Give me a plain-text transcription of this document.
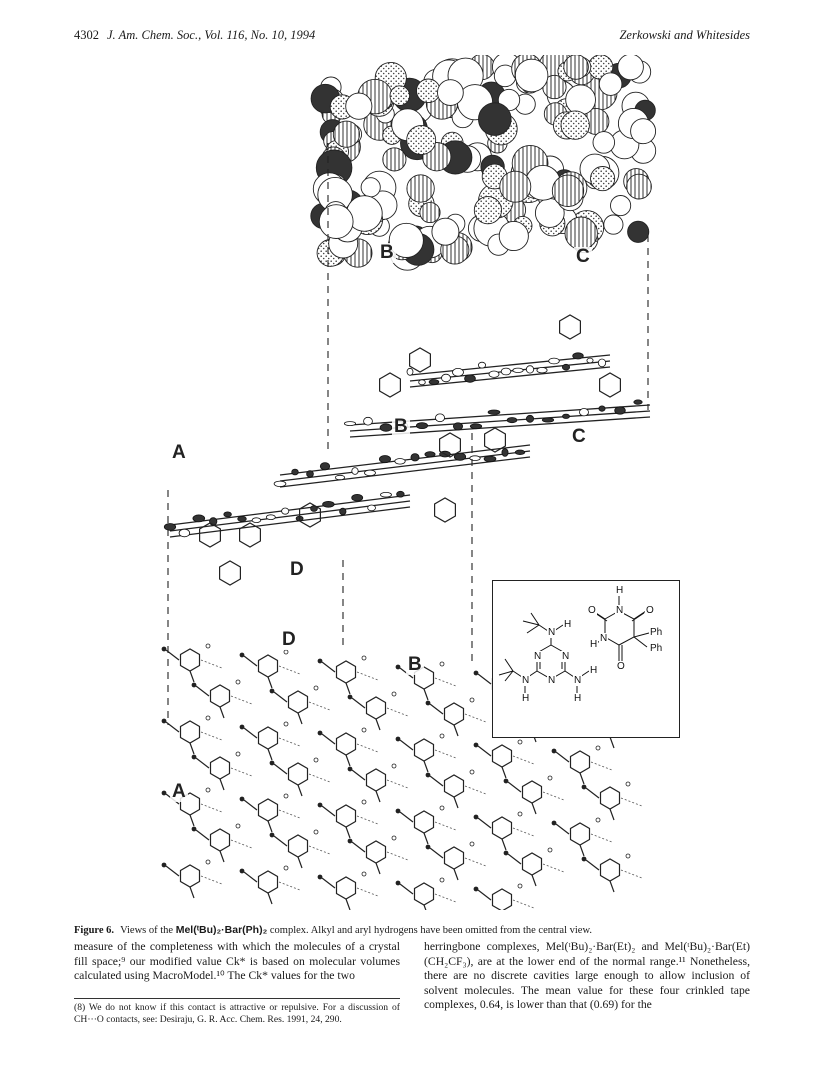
4302 J. Am. Chem. Soc., Vol. 116, No. 10, 1994	Zerkowski and Whitesides
B	C
B	C
A
D
D
B
A
H
N
O	O
N
H
O
Ph
Ph
N
H
N N
N
N
H
N
H
H
Figure 6. Views of the Mel(ᵗBu)₂·Bar(Ph)₂ complex. Alkyl and aryl hydrogens have been omitted from the central view.

measure of the completeness with which the molecules of a crystal fill space;⁹ our modified value Ck* is based on molecular volumes calculated using MacroModel.¹⁰ The Ck* values for the two

(8) We do not know if this contact is attractive or repulsive. For a discussion of CH···O contacts, see: Desiraju, G. R. Acc. Chem. Res. 1991, 24, 290.

herringbone complexes, Mel(ᵗBu)₂·Bar(Et)₂ and Mel(ᵗBu)₂·Bar(Et)(CH₂CF₃), are at the lower end of the normal range.¹¹ Nonetheless, there are no discrete cavities large enough to allow inclusion of solvent molecules. The mean value for these four crinkled tape complexes, 0.64, is lower than that (0.69) for the
